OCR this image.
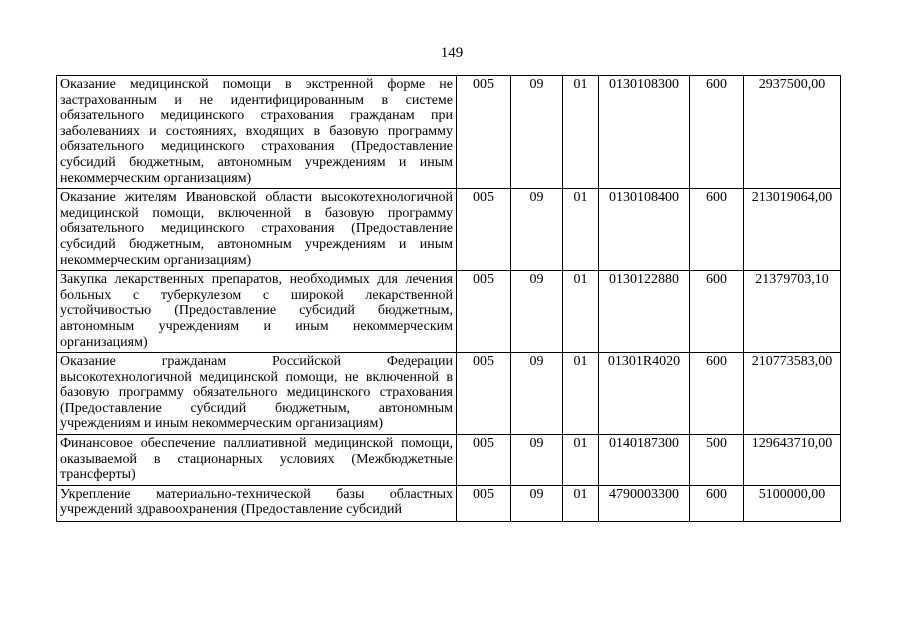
149
Оказание медицинской помощи в экстренной форме не застрахованным и не идентифицированным в системе обязательного медицинского страхования гражданам при заболеваниях и состояниях, входящих в базовую программу обязательного медицинского страхования (Предоставление субсидий бюджетным, автономным учреждениям и иным некоммерческим организациям)	005	09	01	0130108300	600	2937500,00
Оказание жителям Ивановской области высокотехнологичной медицинской помощи, включенной в базовую программу обязательного медицинского страхования (Предоставление субсидий бюджетным, автономным учреждениям и иным некоммерческим организациям)	005	09	01	0130108400	600	213019064,00
Закупка лекарственных препаратов, необходимых для лечения больных с туберкулезом с широкой лекарственной устойчивостью (Предоставление субсидий бюджетным, автономным учреждениям и иным некоммерческим организациям)	005	09	01	0130122880	600	21379703,10
Оказание гражданам Российской Федерации высокотехнологичной медицинской помощи, не включенной в базовую программу обязательного медицинского страхования (Предоставление субсидий бюджетным, автономным учреждениям и иным некоммерческим организациям)	005	09	01	01301R4020	600	210773583,00
Финансовое обеспечение паллиативной медицинской помощи, оказываемой в стационарных условиях (Межбюджетные трансферты)	005	09	01	0140187300	500	129643710,00
Укрепление материально-технической базы областных учреждений здравоохранения (Предоставление субсидий	005	09	01	4790003300	600	5100000,00
